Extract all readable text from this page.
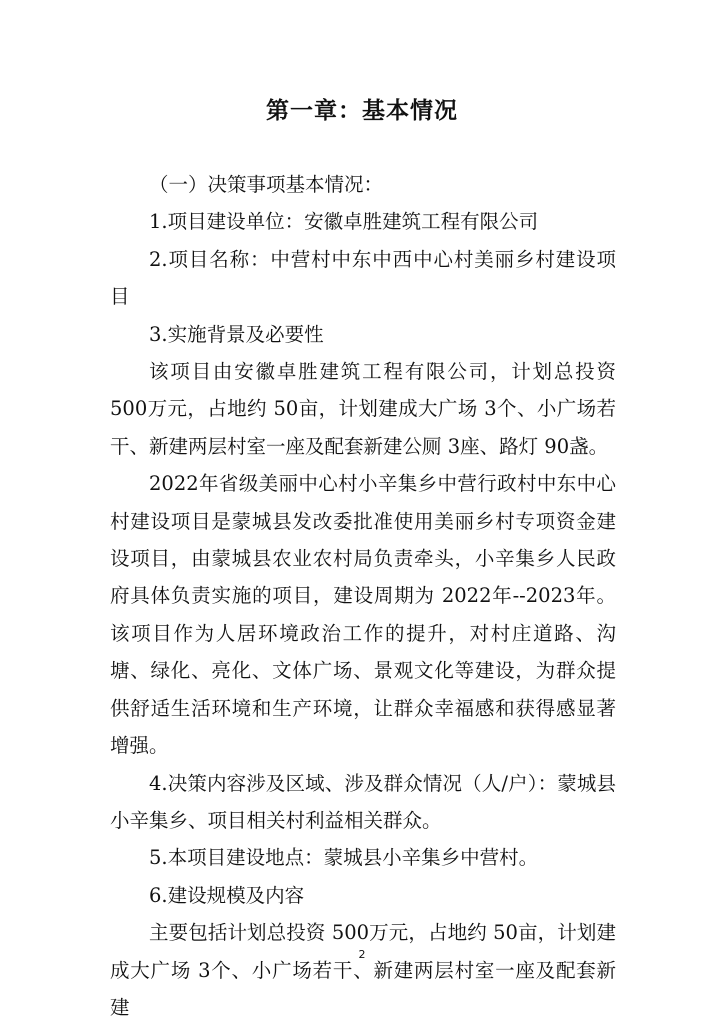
第一章：基本情况

（一）决策事项基本情况：

1.项目建设单位：安徽卓胜建筑工程有限公司

2.项目名称：中营村中东中西中心村美丽乡村建设项目

3.实施背景及必要性

该项目由安徽卓胜建筑工程有限公司，计划总投资 500万元，占地约 50亩，计划建成大广场 3个、小广场若干、新建两层村室一座及配套新建公厕 3座、路灯 90盏。

2022年省级美丽中心村小辛集乡中营行政村中东中心村建设项目是蒙城县发改委批准使用美丽乡村专项资金建设项目，由蒙城县农业农村局负责牵头，小辛集乡人民政府具体负责实施的项目，建设周期为 2022年--2023年。该项目作为人居环境政治工作的提升，对村庄道路、沟塘、绿化、亮化、文体广场、景观文化等建设，为群众提供舒适生活环境和生产环境，让群众幸福感和获得感显著增强。

4.决策内容涉及区域、涉及群众情况（人/户）：蒙城县小辛集乡、项目相关村利益相关群众。

5.本项目建设地点：蒙城县小辛集乡中营村。

6.建设规模及内容

主要包括计划总投资 500万元，占地约 50亩，计划建成大广场 3个、小广场若干、新建两层村室一座及配套新建

2
